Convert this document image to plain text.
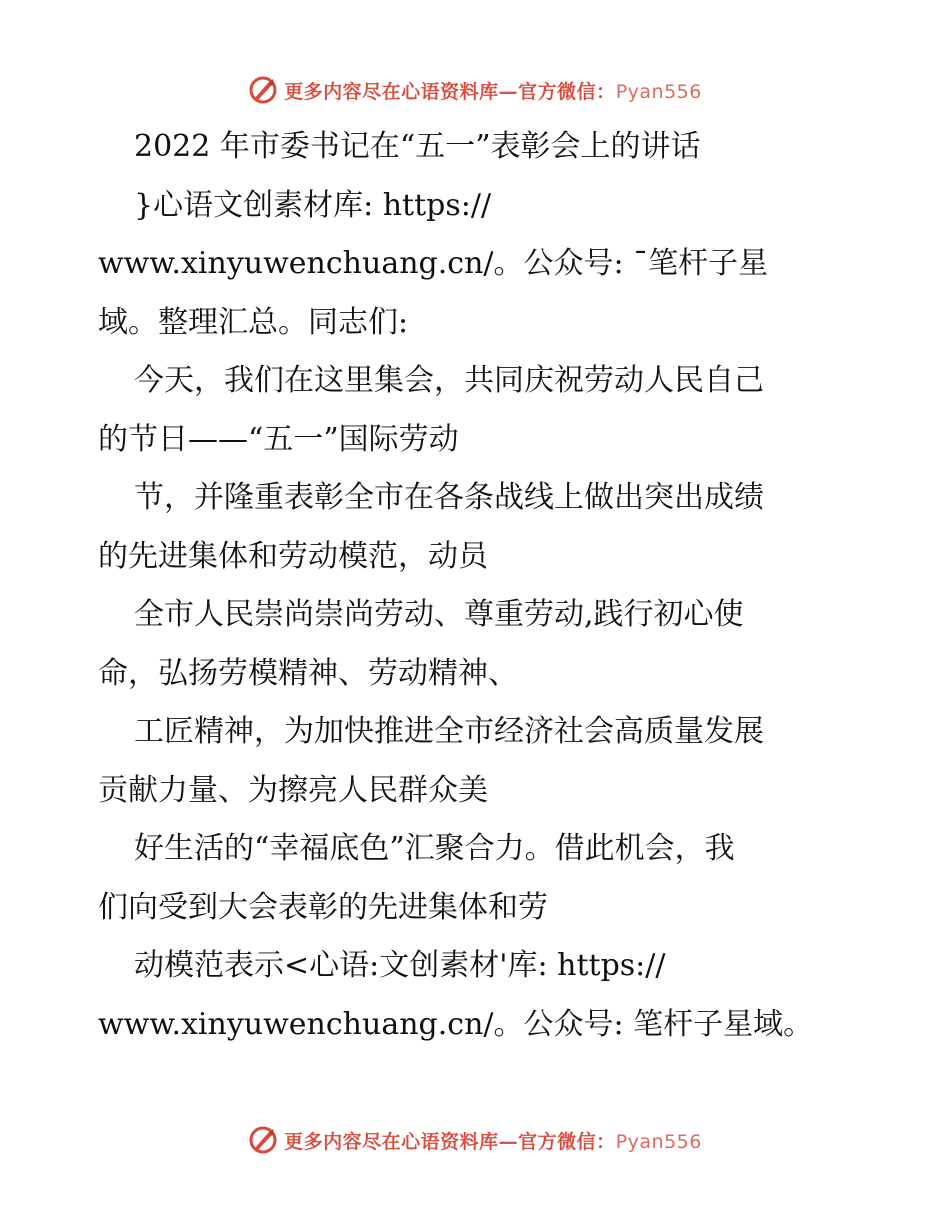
更多内容尽在心语资料库—官方微信：Pyan556
2022 年市委书记在“五一”表彰会上的讲话
}心语文创素材库: https://
www.xinyuwenchuang.cn/。公众号: ¯笔杆子星
域。整理汇总。同志们:
今天，我们在这里集会，共同庆祝劳动人民自己
的节日——“五一”国际劳动
节，并隆重表彰全市在各条战线上做出突出成绩
的先进集体和劳动模范，动员
全市人民崇尚崇尚劳动、尊重劳动,践行初心使
命，弘扬劳模精神、劳动精神、
工匠精神，为加快推进全市经济社会高质量发展
贡献力量、为擦亮人民群众美
好生活的“幸福底色”汇聚合力。借此机会，我
们向受到大会表彰的先进集体和劳
动模范表示<心语:文创素材'库: https://
www.xinyuwenchuang.cn/。公众号: 笔杆子星域。
更多内容尽在心语资料库—官方微信：Pyan556
